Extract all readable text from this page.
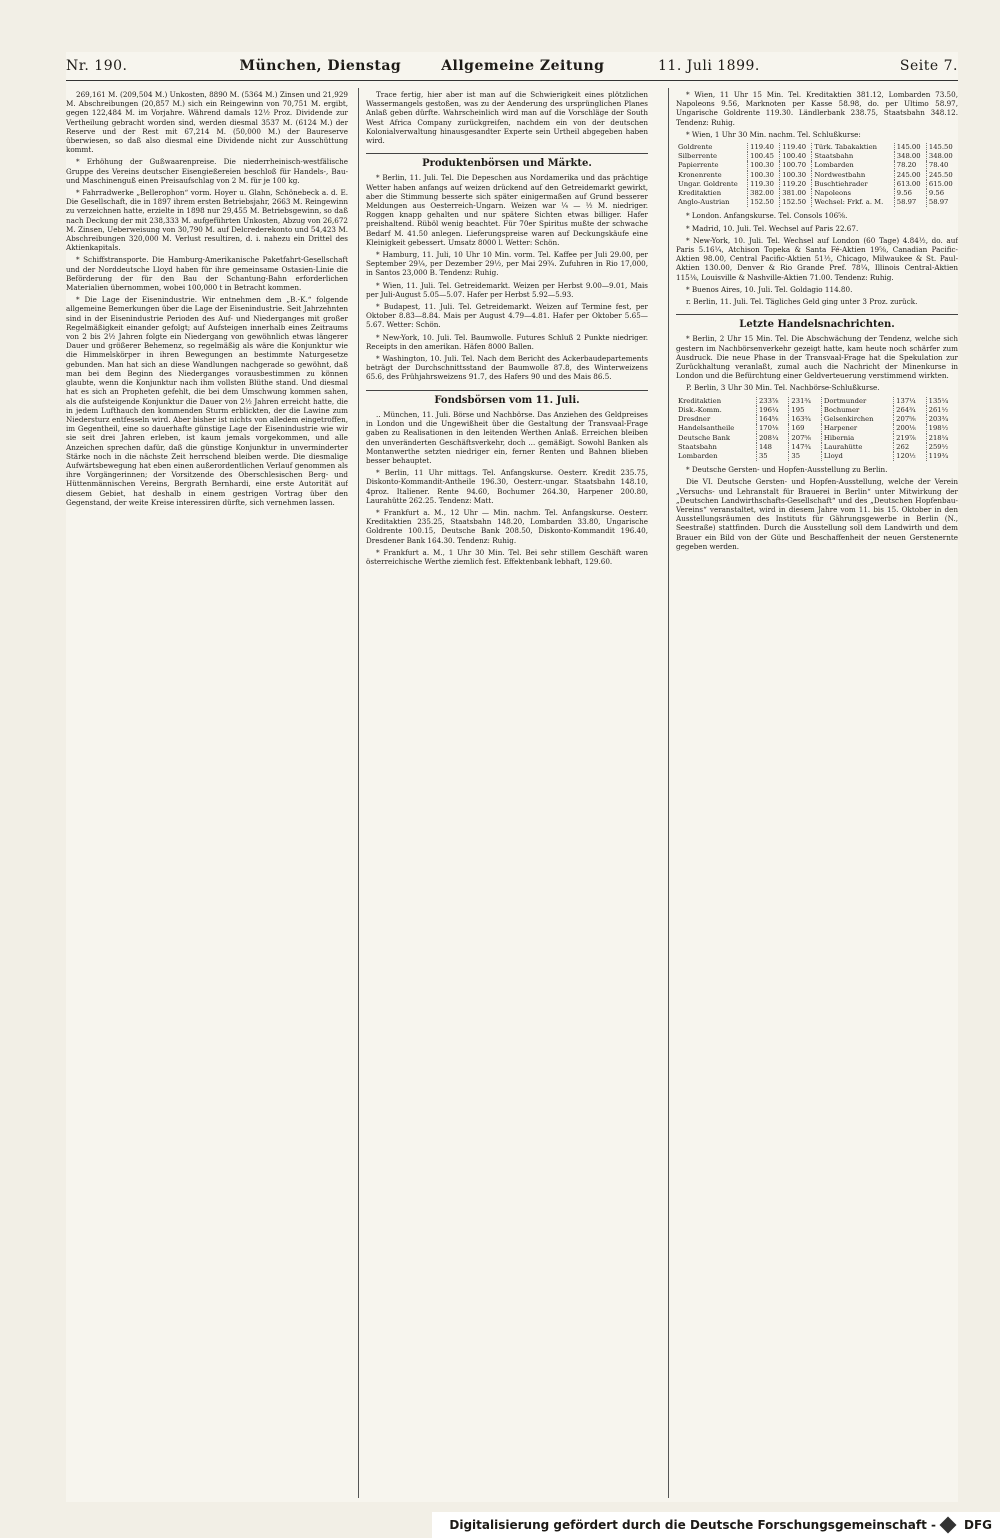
Nr. 190.	München, Dienstag	Allgemeine Zeitung	11. Juli 1899.	Seite 7.

269,161 M. (209,504 M.) Unkosten, 8890 M. (5364 M.) Zinsen und 21,929 M. Abschreibungen (20,857 M.) sich ein Reingewinn von 70,751 M. ergibt, gegen 122,484 M. im Vorjahre. Während damals 12½ Proz. Dividende zur Vertheilung gebracht worden sind, werden diesmal 3537 M. (6124 M.) der Reserve und der Rest mit 67,214 M. (50,000 M.) der Baureserve überwiesen, so daß also diesmal eine Dividende nicht zur Ausschüttung kommt.

* Erhöhung der Gußwaarenpreise. Die niederrheinisch-westfälische Gruppe des Vereins deutscher Eisengießereien beschloß für Handels-, Bau- und Maschinenguß einen Preisaufschlag von 2 M. für je 100 kg.

* Fahrradwerke „Bellerophon“ vorm. Hoyer u. Glahn, Schönebeck a. d. E. Die Gesellschaft, die in 1897 ihrem ersten Betriebsjahr, 2663 M. Reingewinn zu verzeichnen hatte, erzielte in 1898 nur 29,455 M. Betriebsgewinn, so daß nach Deckung der mit 238,333 M. aufgeführten Unkosten, Abzug von 26,672 M. Zinsen, Ueberweisung von 30,790 M. auf Delcrederekonto und 54,423 M. Abschreibungen 320,000 M. Verlust resultiren, d. i. nahezu ein Drittel des Aktienkapitals.

* Schiffstransporte. Die Hamburg-Amerikanische Paketfahrt-Gesellschaft und der Norddeutsche Lloyd haben für ihre gemeinsame Ostasien-Linie die Beförderung der für den Bau der Schantung-Bahn erforderlichen Materialien übernommen, wobei 100,000 t in Betracht kommen.

* Die Lage der Eisenindustrie. Wir entnehmen dem „B.-K.“ folgende allgemeine Bemerkungen über die Lage der Eisenindustrie. Seit Jahrzehnten sind in der Eisenindustrie Perioden des Auf- und Niederganges mit großer Regelmäßigkeit einander gefolgt; auf Aufsteigen innerhalb eines Zeitraums von 2 bis 2½ Jahren folgte ein Niedergang von gewöhnlich etwas längerer Dauer und größerer Behemenz, so regelmäßig als wäre die Konjunktur wie die Himmelskörper in ihren Bewegungen an bestimmte Naturgesetze gebunden. Man hat sich an diese Wandlungen nachgerade so gewöhnt, daß man bei dem Beginn des Niederganges vorausbestimmen zu können glaubte, wenn die Konjunktur nach ihm vollsten Blüthe stand. Und diesmal hat es sich an Propheten gefehlt, die bei dem Umschwung kommen sahen, als die aufsteigende Konjunktur die Dauer von 2½ Jahren erreicht hatte, die in jedem Lufthauch den kommenden Sturm erblickten, der die Lawine zum Niedersturz entfesseln wird. Aber bisher ist nichts von alledem eingetroffen, im Gegentheil, eine so dauerhafte günstige Lage der Eisenindustrie wie wir sie seit drei Jahren erleben, ist kaum jemals vorgekommen, und alle Anzeichen sprechen dafür, daß die günstige Konjunktur in unverminderter Stärke noch in die nächste Zeit herrschend bleiben werde. Die diesmalige Aufwärtsbewegung hat eben einen außerordentlichen Verlauf genommen als ihre Vorgängerinnen; der Vorsitzende des Oberschlesischen Berg- und Hüttenmännischen Vereins, Bergrath Bernhardi, eine erste Autorität auf diesem Gebiet, hat deshalb in einem gestrigen Vortrag über den Gegenstand, der weite Kreise interessiren dürfte, sich vernehmen lassen.

Trace fertig, hier aber ist man auf die Schwierigkeit eines plötzlichen Wassermangels gestoßen, was zu der Aenderung des ursprünglichen Planes Anlaß geben dürfte. Wahrscheinlich wird man auf die Vorschläge der South West Africa Company zurückgreifen, nachdem ein von der deutschen Kolonialverwaltung hinausgesandter Experte sein Urtheil abgegeben haben wird.

Produktenbörsen und Märkte.

* Berlin, 11. Juli. Tel. Die Depeschen aus Nordamerika und das prächtige Wetter haben anfangs auf weizen drückend auf den Getreidemarkt gewirkt, aber die Stimmung besserte sich später einigermaßen auf Grund besserer Meldungen aus Oesterreich-Ungarn. Weizen war ¼ — ½ M. niedriger. Roggen knapp gehalten und nur spätere Sichten etwas billiger. Hafer preishaltend. Rüböl wenig beachtet. Für 70er Spiritus mußte der schwache Bedarf M. 41.50 anlegen. Lieferungspreise waren auf Deckungskäufe eine Kleinigkeit gebessert. Umsatz 8000 l. Wetter: Schön.

* Hamburg, 11. Juli, 10 Uhr 10 Min. vorm. Tel. Kaffee per Juli 29.00, per September 29¼, per Dezember 29½, per Mai 29¾. Zufuhren in Rio 17,000, in Santos 23,000 B. Tendenz: Ruhig.

* Wien, 11. Juli. Tel. Getreidemarkt. Weizen per Herbst 9.00—9.01, Mais per Juli-August 5.05—5.07. Hafer per Herbst 5.92—5.93.

* Budapest, 11. Juli. Tel. Getreidemarkt. Weizen auf Termine fest, per Oktober 8.83—8.84. Mais per August 4.79—4.81. Hafer per Oktober 5.65—5.67. Wetter: Schön.

* New-York, 10. Juli. Tel. Baumwolle. Futures Schluß 2 Punkte niedriger. Receipts in den amerikan. Häfen 8000 Ballen.

* Washington, 10. Juli. Tel. Nach dem Bericht des Ackerbaudepartements beträgt der Durchschnittsstand der Baumwolle 87.8, des Winterweizens 65.6, des Frühjahrsweizens 91.7, des Hafers 90 und des Mais 86.5.

Fondsbörsen vom 11. Juli.

.. München, 11. Juli. Börse und Nachbörse. Das Anziehen des Geldpreises in London und die Ungewißheit über die Gestaltung der Transvaal-Frage gaben zu Realisationen in den leitenden Werthen Anlaß. Erreichen bleiben den unveränderten Geschäftsverkehr, doch ... gemäßigt. Sowohl Banken als Montanwerthe setzten niedriger ein, ferner Renten und Bahnen blieben besser behauptet.

* Berlin, 11 Uhr mittags. Tel. Anfangskurse. Oesterr. Kredit 235.75, Diskonto-Kommandit-Antheile 196.30, Oesterr.-ungar. Staatsbahn 148.10, 4proz. Italiener. Rente 94.60, Bochumer 264.30, Harpener 200.80, Laurahütte 262.25. Tendenz: Matt.

* Frankfurt a. M., 12 Uhr — Min. nachm. Tel. Anfangskurse. Oesterr. Kreditaktien 235.25, Staatsbahn 148.20, Lombarden 33.80, Ungarische Goldrente 100.15, Deutsche Bank 208.50, Diskonto-Kommandit 196.40, Dresdener Bank 164.30. Tendenz: Ruhig.

* Frankfurt a. M., 1 Uhr 30 Min. Tel. Bei sehr stillem Geschäft waren österreichische Werthe ziemlich fest. Effektenbank lebhaft, 129.60.

* Wien, 11 Uhr 15 Min. Tel. Kreditaktien 381.12, Lombarden 73.50, Napoleons 9.56, Marknoten per Kasse 58.98, do. per Ultimo 58.97, Ungarische Goldrente 119.30. Ländlerbank 238.75, Staatsbahn 348.12. Tendenz: Ruhig.

* Wien, 1 Uhr 30 Min. nachm. Tel. Schlußkurse:

Goldrente	119.40	119.40	Türk. Tabakaktien	145.00	145.50
Silberrente	100.45	100.40	Staatsbahn	348.00	348.00
Papierrente	100.30	100.70	Lombarden	78.20	78.40
Kronenrente	100.30	100.30	Nordwestbahn	245.00	245.50
Ungar. Goldrente	119.30	119.20	Buschtiehrader	613.00	615.00
Kreditaktien	382.00	381.00	Napoleons	9.56	9.56
Anglo-Austrian	152.50	152.50	Wechsel: Frkf. a. M.	58.97	58.97

* London. Anfangskurse. Tel. Consols 106⅝.

* Madrid, 10. Juli. Tel. Wechsel auf Paris 22.67.

* New-York, 10. Juli. Tel. Wechsel auf London (60 Tage) 4.84½, do. auf Paris 5.16¼, Atchison Topeka & Santa Fé-Aktien 19⅝, Canadian Pacific-Aktien 98.00, Central Pacific-Aktien 51½, Chicago, Milwaukee & St. Paul-Aktien 130.00, Denver & Rio Grande Pref. 78¼, Illinois Central-Aktien 115⅛, Louisville & Nashville-Aktien 71.00. Tendenz: Ruhig.

* Buenos Aires, 10. Juli. Tel. Goldagio 114.80.

r. Berlin, 11. Juli. Tel. Tägliches Geld ging unter 3 Proz. zurück.

Letzte Handelsnachrichten.

* Berlin, 2 Uhr 15 Min. Tel. Die Abschwächung der Tendenz, welche sich gestern im Nachbörsenverkehr gezeigt hatte, kam heute noch schärfer zum Ausdruck. Die neue Phase in der Transvaal-Frage hat die Spekulation zur Zurückhaltung veranlaßt, zumal auch die Nachricht der Minenkurse in London und die Befürchtung einer Geldverteuerung verstimmend wirkten.

P. Berlin, 3 Uhr 30 Min. Tel. Nachbörse-Schlußkurse.

Kreditaktien	233⅞	231¾	Dortmunder	137¼	135¼
Disk.-Komm.	196¼	195	Bochumer	264¾	261½
Dresdner	164⅝	163¾	Gelsenkirchen	207⅝	203¾
Handelsantheile	170⅛	169	Harpener	200⅛	198½
Deutsche Bank	208¼	207⅝	Hibernia	219⅞	218¼
Staatsbahn	148	147¾	Laurahütte	262	259½
Lombarden	35	35	Lloyd	120½	119¾

* Deutsche Gersten- und Hopfen-Ausstellung zu Berlin.

Die VI. Deutsche Gersten- und Hopfen-Ausstellung, welche der Verein „Versuchs- und Lehranstalt für Brauerei in Berlin“ unter Mitwirkung der „Deutschen Landwirthschafts-Gesellschaft“ und des „Deutschen Hopfenbau-Vereins“ veranstaltet, wird in diesem Jahre vom 11. bis 15. Oktober in den Ausstellungsräumen des Instituts für Gährungsgewerbe in Berlin (N., Seestraße) stattfinden. Durch die Ausstellung soll dem Landwirth und dem Brauer ein Bild von der Güte und Beschaffenheit der neuen Gerstenernte gegeben werden.

Digitalisierung gefördert durch die Deutsche Forschungsgemeinschaft - DFG
